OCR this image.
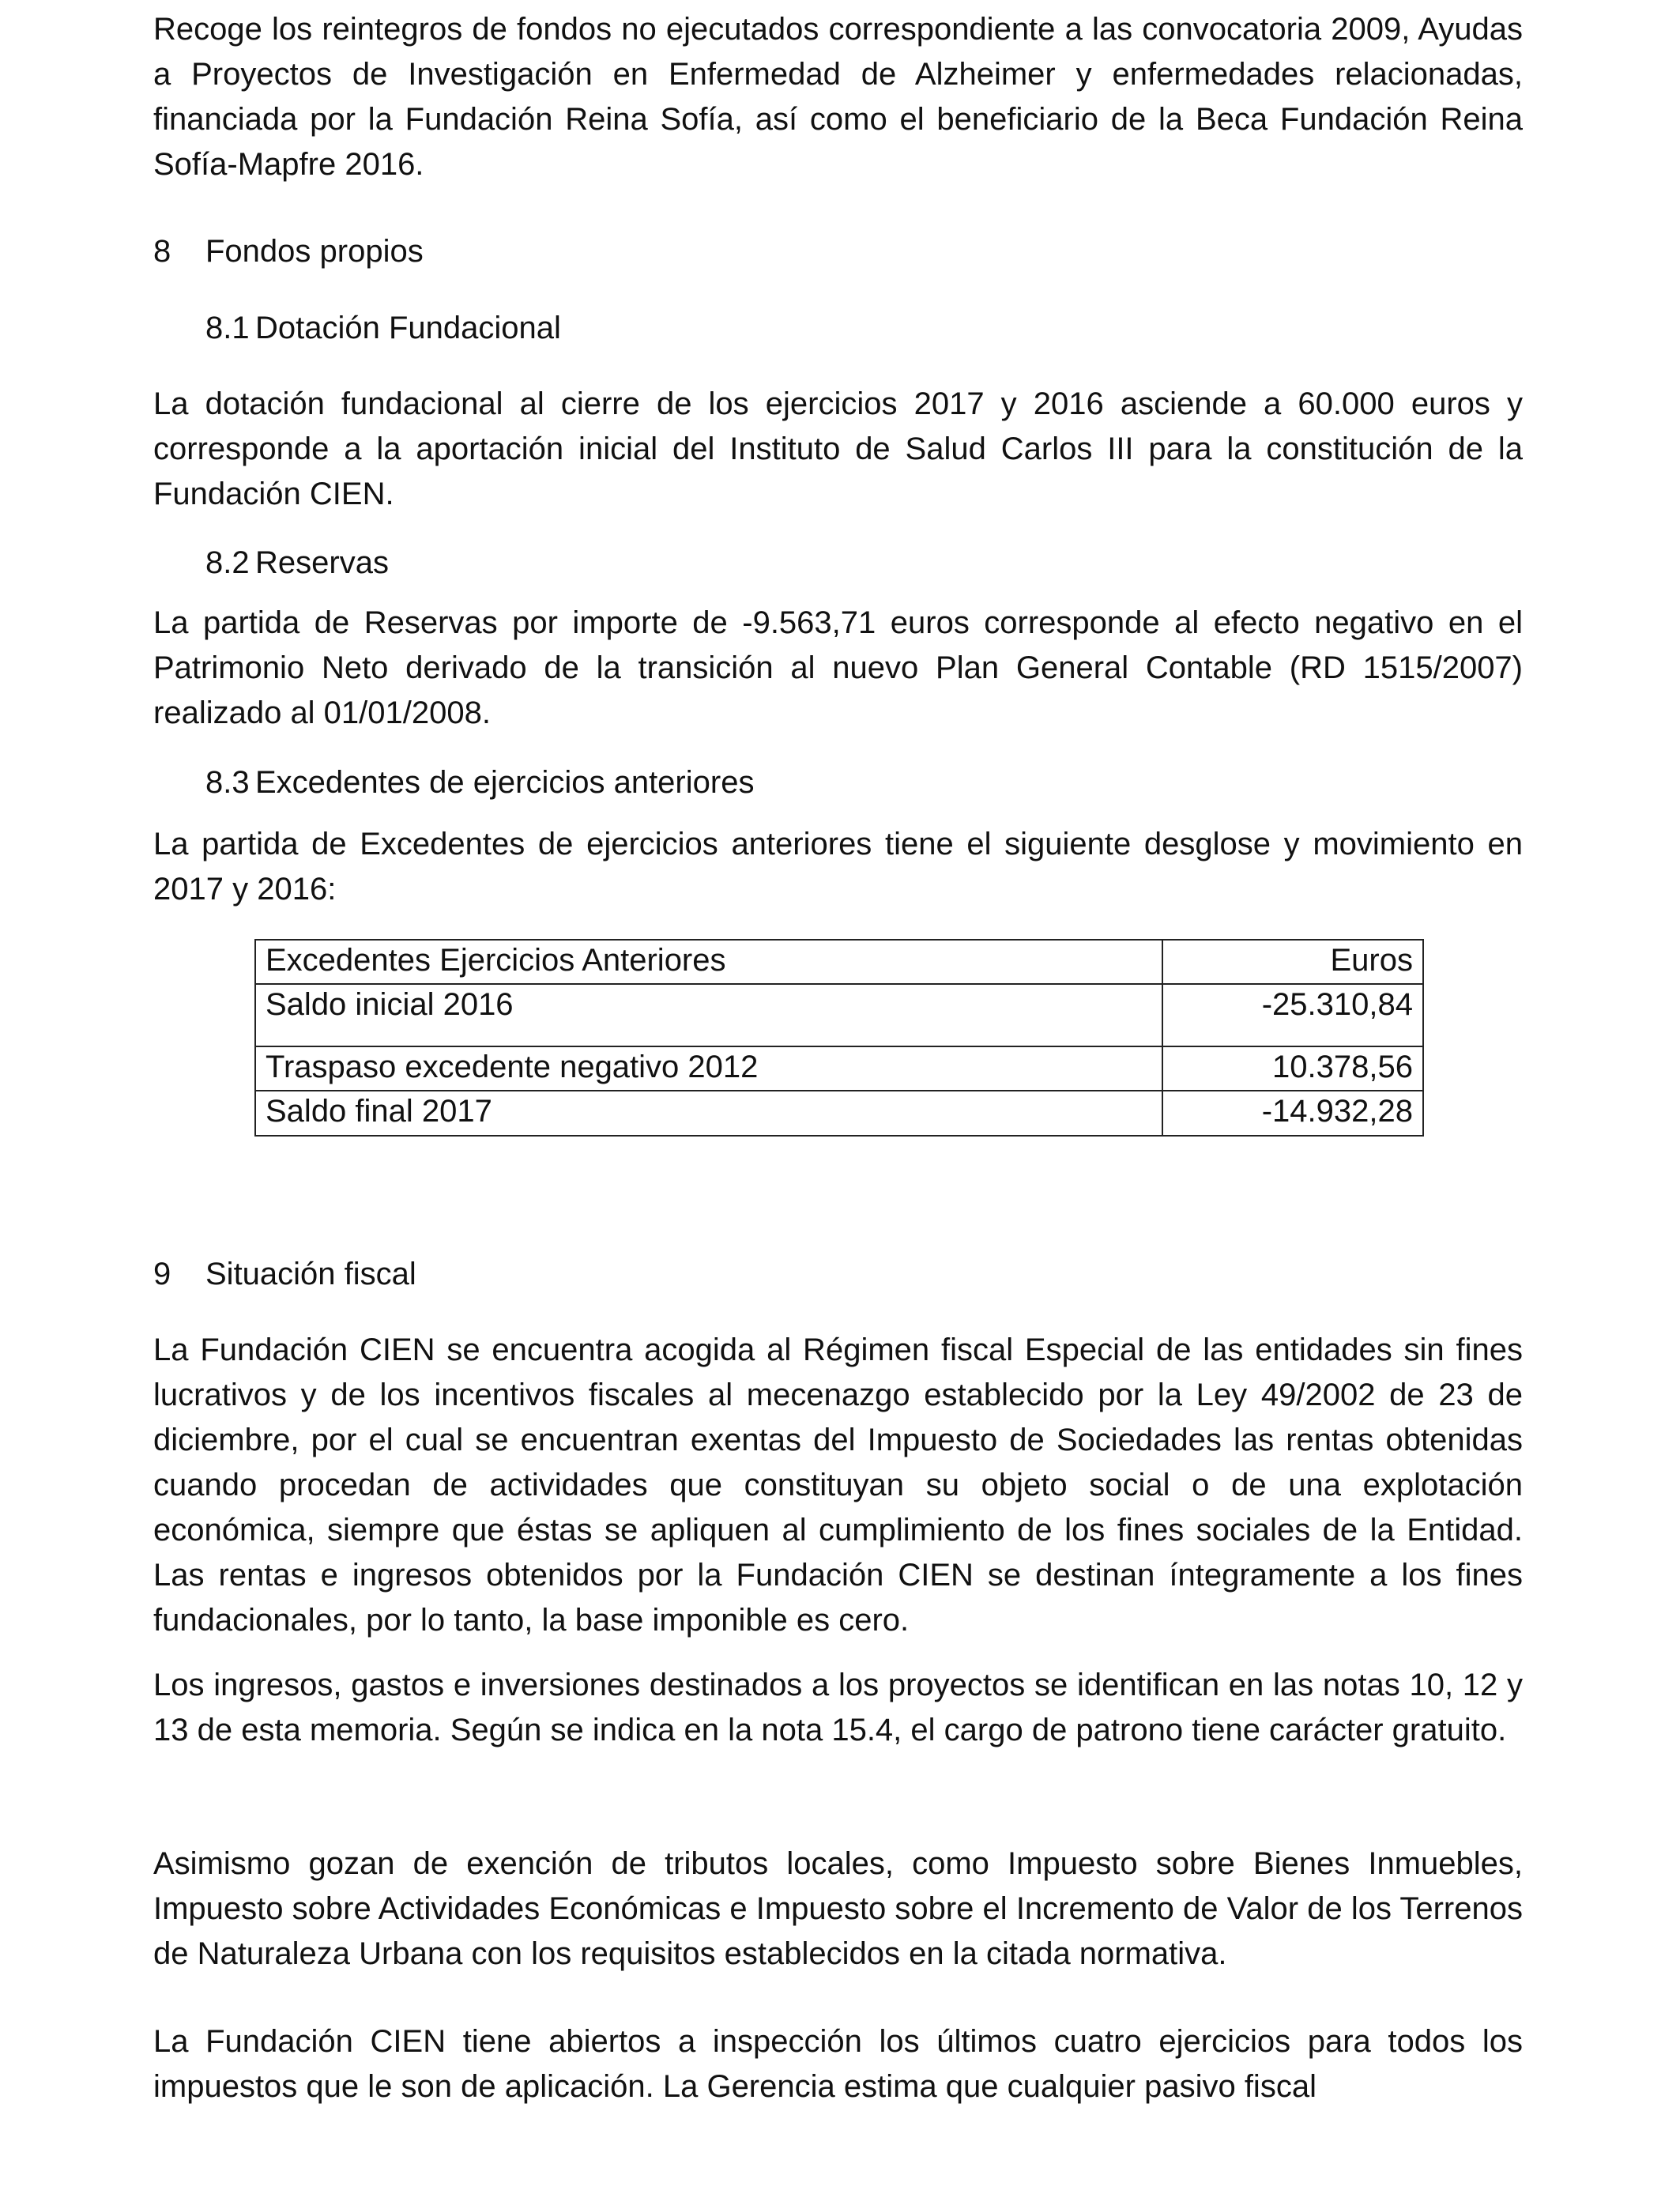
Recoge los reintegros de fondos no ejecutados correspondiente a las convocatoria 2009, Ayudas a Proyectos de Investigación en Enfermedad de Alzheimer y enfermedades relacionadas, financiada por la Fundación Reina Sofía, así como el beneficiario de la Beca Fundación Reina Sofía-Mapfre 2016.

8 Fondos propios
8.1 Dotación Fundacional

La dotación fundacional al cierre de los ejercicios 2017 y 2016 asciende a 60.000 euros y corresponde a la aportación inicial del Instituto de Salud Carlos III para la constitución de la Fundación CIEN.

8.2 Reservas

La partida de Reservas por importe de -9.563,71 euros corresponde al efecto negativo en el Patrimonio Neto derivado de la transición al nuevo Plan General Contable (RD 1515/2007) realizado al 01/01/2008.

8.3 Excedentes de ejercicios anteriores

La partida de Excedentes de ejercicios anteriores tiene el siguiente desglose y movimiento en 2017 y 2016:

Excedentes Ejercicios Anteriores	Euros
Saldo inicial 2016	-25.310,84
Traspaso excedente negativo 2012	10.378,56
Saldo final 2017	-14.932,28
9 Situación fiscal

La Fundación CIEN se encuentra acogida al Régimen fiscal Especial de las entidades sin fines lucrativos y de los incentivos fiscales al mecenazgo establecido por la Ley 49/2002 de 23 de diciembre, por el cual se encuentran exentas del Impuesto de Sociedades las rentas obtenidas cuando procedan de actividades que constituyan su objeto social o de una explotación económica, siempre que éstas se apliquen al cumplimiento de los fines sociales de la Entidad. Las rentas e ingresos obtenidos por la Fundación CIEN se destinan íntegramente a los fines fundacionales, por lo tanto, la base imponible es cero.

Los ingresos, gastos e inversiones destinados a los proyectos se identifican en las notas 10, 12 y 13 de esta memoria. Según se indica en la nota 15.4, el cargo de patrono tiene carácter gratuito.

Asimismo gozan de exención de tributos locales, como Impuesto sobre Bienes Inmuebles, Impuesto sobre Actividades Económicas e Impuesto sobre el Incremento de Valor de los Terrenos de Naturaleza Urbana con los requisitos establecidos en la citada normativa.

La Fundación CIEN tiene abiertos a inspección los últimos cuatro ejercicios para todos los impuestos que le son de aplicación. La Gerencia estima que cualquier pasivo fiscal
